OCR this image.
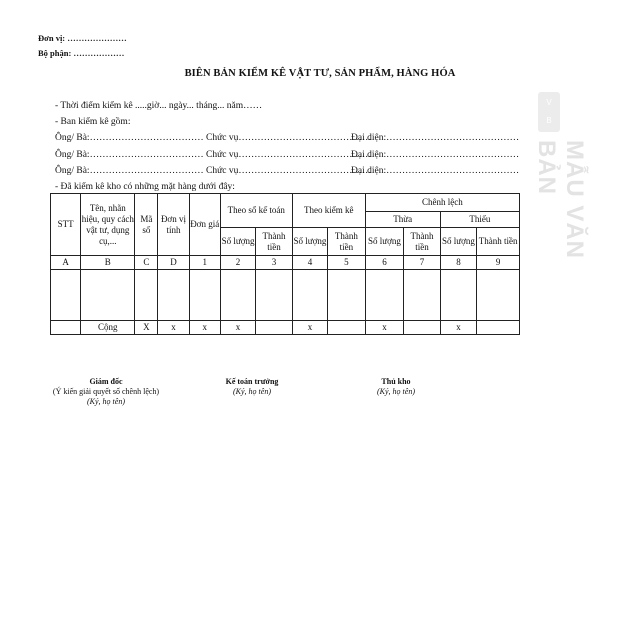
Đơn vị: …………………
Bộ phận: ………………
BIÊN BẢN KIỂM KÊ VẬT TƯ, SẢN PHẨM, HÀNG HÓA
- Thời điểm kiểm kê .....giờ... ngày... tháng... năm……
- Ban kiểm kê gồm:
Ông/ Bà:……………………………… Chức vụ……………………………………
Đại diện:……………………………………
Ông/ Bà:……………………………… Chức vụ……………………………………
Đại diện:……………………………………
Ông/ Bà:……………………………… Chức vụ……………………………………
Đại diện:……………………………………
- Đã kiểm kê kho có những mặt hàng dưới đây:
STT	Tên, nhãn hiệu, quy cách vật tư, dụng cụ,...	Mã số	Đơn vị tính	Đơn giá	Theo sổ kế toán		Theo kiểm kê		Chênh lệch			
									Thừa		Thiếu	
					Số lượng	Thành tiền	Số lượng	Thành tiền	Số lượng	Thành tiền	Số lượng	Thành tiền
A	B	C	D	1	2	3	4	5	6	7	8	9

	Cộng	X	x	x	x		x		x		x	
Giám đốc
(Ý kiến giải quyết số chênh lệch)
(Ký, họ tên)
Kế toán trưởng
(Ký, họ tên)
Thủ kho
(Ký, họ tên)
V
B
MẪU VĂN BẢN
